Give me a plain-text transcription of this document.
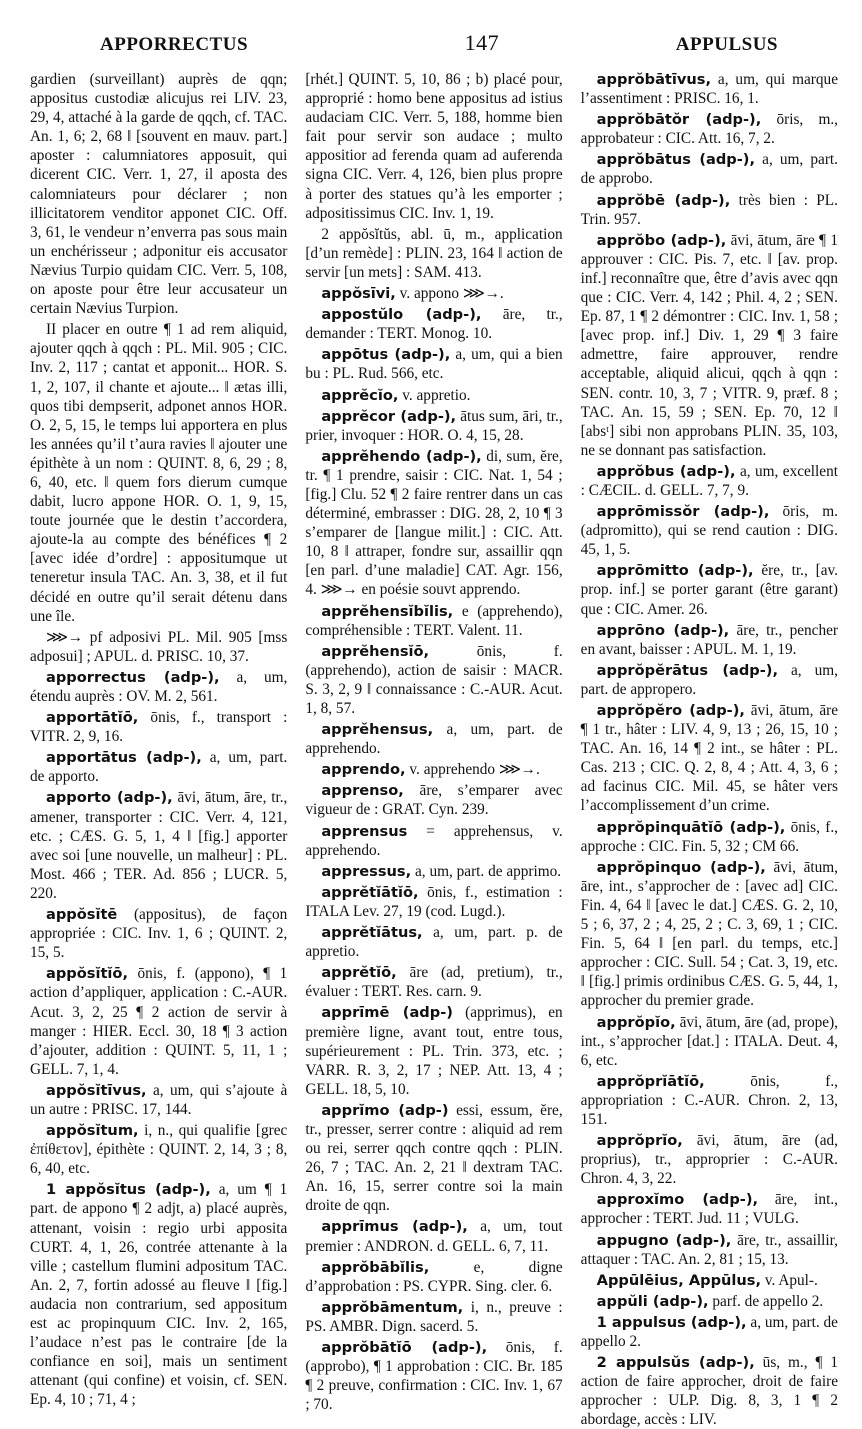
APPORRECTUS	147	APPULSUS

gardien (surveillant) auprès de qqn; appositus custodiæ alicujus rei LIV. 23, 29, 4, attaché à la garde de qqch, cf. TAC. An. 1, 6; 2, 68 ‖ [souvent en mauv. part.] aposter : calumniatores apposuit, qui dicerent CIC. Verr. 1, 27, il aposta des calomniateurs pour déclarer ; non illicitatorem venditor apponet CIC. Off. 3, 61, le vendeur n’enverra pas sous main un enchérisseur ; adponitur eis accusator Nævius Turpio quidam CIC. Verr. 5, 108, on aposte pour être leur accusateur un certain Nævius Turpion.

II placer en outre ¶ 1 ad rem aliquid, ajouter qqch à qqch : PL. Mil. 905 ; CIC. Inv. 2, 117 ; cantat et apponit... HOR. S. 1, 2, 107, il chante et ajoute... ‖ ætas illi, quos tibi dempserit, adponet annos HOR. O. 2, 5, 15, le temps lui apportera en plus les années qu’il t’aura ravies ‖ ajouter une épithète à un nom : QUINT. 8, 6, 29 ; 8, 6, 40, etc. ‖ quem fors dierum cumque dabit, lucro appone HOR. O. 1, 9, 15, toute journée que le destin t’accordera, ajoute-la au compte des bénéfices ¶ 2 [avec idée d’ordre] : appositumque ut teneretur insula TAC. An. 3, 38, et il fut décidé en outre qu’il serait détenu dans une île.

⋙→ pf adposivi PL. Mil. 905 [mss adposui] ; APUL. d. PRISC. 10, 37.

apporrectus (adp-), a, um, étendu auprès : OV. M. 2, 561.

apportātĭō, ōnis, f., transport : VITR. 2, 9, 16.

apportātus (adp-), a, um, part. de apporto.

apporto (adp-), āvi, ātum, āre, tr., amener, transporter : CIC. Verr. 4, 121, etc. ; CÆS. G. 5, 1, 4 ‖ [fig.] apporter avec soi [une nouvelle, un malheur] : PL. Most. 466 ; TER. Ad. 856 ; LUCR. 5, 220.

appŏsĭtē (appositus), de façon appropriée : CIC. Inv. 1, 6 ; QUINT. 2, 15, 5.

appŏsĭtĭō, ōnis, f. (appono), ¶ 1 action d’appliquer, application : C.-AUR. Acut. 3, 2, 25 ¶ 2 action de servir à manger : HIER. Eccl. 30, 18 ¶ 3 action d’ajouter, addition : QUINT. 5, 11, 1 ; GELL. 7, 1, 4.

appŏsĭtīvus, a, um, qui s’ajoute à un autre : PRISC. 17, 144.

appŏsĭtum, i, n., qui qualifie [grec ἐπίθετον], épithète : QUINT. 2, 14, 3 ; 8, 6, 40, etc.

1 appŏsĭtus (adp-), a, um ¶ 1 part. de appono ¶ 2 adjt, a) placé auprès, attenant, voisin : regio urbi apposita CURT. 4, 1, 26, contrée attenante à la ville ; castellum flumini adpositum TAC. An. 2, 7, fortin adossé au fleuve ‖ [fig.] audacia non contrarium, sed appositum est ac propinquum CIC. Inv. 2, 165, l’audace n’est pas le contraire [de la confiance en soi], mais un sentiment attenant (qui confine) et voisin, cf. SEN. Ep. 4, 10 ; 71, 4 ;

[rhét.] QUINT. 5, 10, 86 ; b) placé pour, approprié : homo bene appositus ad istius audaciam CIC. Verr. 5, 188, homme bien fait pour servir son audace ; multo appositior ad ferenda quam ad auferenda signa CIC. Verr. 4, 126, bien plus propre à porter des statues qu’à les emporter ; adpositissimus CIC. Inv. 1, 19.

2 appŏsĭtŭs, abl. ū, m., application [d’un remède] : PLIN. 23, 164 ‖ action de servir [un mets] : SAM. 413.

appŏsīvi, v. appono ⋙→.

appostŭlo (adp-), āre, tr., demander : TERT. Monog. 10.

appōtus (adp-), a, um, qui a bien bu : PL. Rud. 566, etc.

apprĕcĭo, v. appretio.

apprĕcor (adp-), ātus sum, āri, tr., prier, invoquer : HOR. O. 4, 15, 28.

apprĕhendo (adp-), di, sum, ĕre, tr. ¶ 1 prendre, saisir : CIC. Nat. 1, 54 ; [fig.] Clu. 52 ¶ 2 faire rentrer dans un cas déterminé, embrasser : DIG. 28, 2, 10 ¶ 3 s’emparer de [langue milit.] : CIC. Att. 10, 8 ‖ attraper, fondre sur, assaillir qqn [en parl. d’une maladie] CAT. Agr. 156, 4. ⋙→ en poésie souvt apprendo.

apprĕhensĭbĭlis, e (apprehendo), compréhensible : TERT. Valent. 11.

apprĕhensĭō,	ōnis, f. (apprehendo), action de saisir : MACR. S. 3, 2, 9 ‖ connaissance : C.-AUR. Acut. 1, 8, 57.

apprĕhensus, a, um, part. de apprehendo.

apprendo, v. apprehendo ⋙→.

apprenso, āre, s’emparer avec vigueur de : GRAT. Cyn. 239.

apprensus = apprehensus, v. apprehendo.

appressus, a, um, part. de apprimo.

apprĕtĭātĭō, ōnis, f., estimation : ITALA Lev. 27, 19 (cod. Lugd.).

apprĕtĭātus, a, um, part. p. de appretio.

apprĕtĭō, āre (ad, pretium), tr., évaluer : TERT. Res. carn. 9.

apprīmē (adp-) (apprimus), en première ligne, avant tout, entre tous, supérieurement : PL. Trin. 373, etc. ; VARR. R. 3, 2, 17 ; NEP. Att. 13, 4 ; GELL. 18, 5, 10.

apprĭmo (adp-) essi, essum, ĕre, tr., presser, serrer contre : aliquid ad rem ou rei, serrer qqch contre qqch : PLIN. 26, 7 ; TAC. An. 2, 21 ‖ dextram TAC. An. 16, 15, serrer contre soi la main droite de qqn.

apprīmus (adp-), a, um, tout premier : ANDRON. d. GELL. 6, 7, 11.

apprŏbābĭlis,	e, digne d’approbation : PS. CYPR. Sing. cler. 6.

apprŏbāmentum, i, n., preuve : PS. AMBR. Dign. sacerd. 5.

apprŏbātĭō (adp-), ōnis, f. (approbo), ¶ 1 approbation : CIC. Br. 185 ¶ 2 preuve, confirmation : CIC. Inv. 1, 67 ; 70.

apprŏbātīvus, a, um, qui marque l’assentiment : PRISC. 16, 1.

apprŏbātŏr (adp-), ōris, m., approbateur : CIC. Att. 16, 7, 2.

apprŏbātus (adp-), a, um, part. de approbo.

apprŏbē (adp-), très bien : PL. Trin. 957.

apprŏbo (adp-), āvi, ātum, āre ¶ 1 approuver : CIC. Pis. 7, etc. ‖ [av. prop. inf.] reconnaître que, être d’avis avec qqn que : CIC. Verr. 4, 142 ; Phil. 4, 2 ; SEN. Ep. 87, 1 ¶ 2 démontrer : CIC. Inv. 1, 58 ; [avec prop. inf.] Div. 1, 29 ¶ 3 faire admettre, faire approuver, rendre acceptable, aliquid alicui, qqch à qqn : SEN. contr. 10, 3, 7 ; VITR. 9, præf. 8 ; TAC. An. 15, 59 ; SEN. Ep. 70, 12 ‖ [absᵗ] sibi non approbans PLIN. 35, 103, ne se donnant pas satisfaction.

apprŏbus (adp-), a, um, excellent : CÆCIL. d. GELL. 7, 7, 9.

apprōmissŏr (adp-), ōris, m. (adpromitto), qui se rend caution : DIG. 45, 1, 5.

apprōmitto (adp-), ĕre, tr., [av. prop. inf.] se porter garant (être garant) que : CIC. Amer. 26.

apprōno (adp-), āre, tr., pencher en avant, baisser : APUL. M. 1, 19.

apprŏpĕrātus (adp-), a, um, part. de appropero.

apprŏpĕro (adp-), āvi, ātum, āre ¶ 1 tr., hâter : LIV. 4, 9, 13 ; 26, 15, 10 ; TAC. An. 16, 14 ¶ 2 int., se hâter : PL. Cas. 213 ; CIC. Q. 2, 8, 4 ; Att. 4, 3, 6 ; ad facinus CIC. Mil. 45, se hâter vers l’accomplissement d’un crime.

apprŏpinquātĭō (adp-), ōnis, f., approche : CIC. Fin. 5, 32 ; CM 66.

apprŏpinquo (adp-), āvi, ātum, āre, int., s’approcher de : [avec ad] CIC. Fin. 4, 64 ‖ [avec le dat.] CÆS. G. 2, 10, 5 ; 6, 37, 2 ; 4, 25, 2 ; C. 3, 69, 1 ; CIC. Fin. 5, 64 ‖ [en parl. du temps, etc.] approcher : CIC. Sull. 54 ; Cat. 3, 19, etc. ‖ [fig.] primis ordinibus CÆS. G. 5, 44, 1, approcher du premier grade.

apprŏpĭo, āvi, ātum, āre (ad, prope), int., s’approcher [dat.] : ITALA. Deut. 4, 6, etc.

apprŏprĭātĭō,	ōnis, f., appropriation : C.-AUR. Chron. 2, 13, 151.

apprŏprĭo, āvi, ātum, āre (ad, proprius), tr., approprier : C.-AUR. Chron. 4, 3, 22.

approxĭmo (adp-), āre, int., approcher : TERT. Jud. 11 ; VULG.

appugno (adp-), āre, tr., assaillir, attaquer : TAC. An. 2, 81 ; 15, 13.

Appūlēius, Appūlus, v. Apul-.

appŭli (adp-), parf. de appello 2.

1 appulsus (adp-), a, um, part. de appello 2.

2 appulsŭs (adp-), ūs, m., ¶ 1 action de faire approcher, droit de faire approcher : ULP. Dig. 8, 3, 1 ¶ 2 abordage, accès : LIV.
